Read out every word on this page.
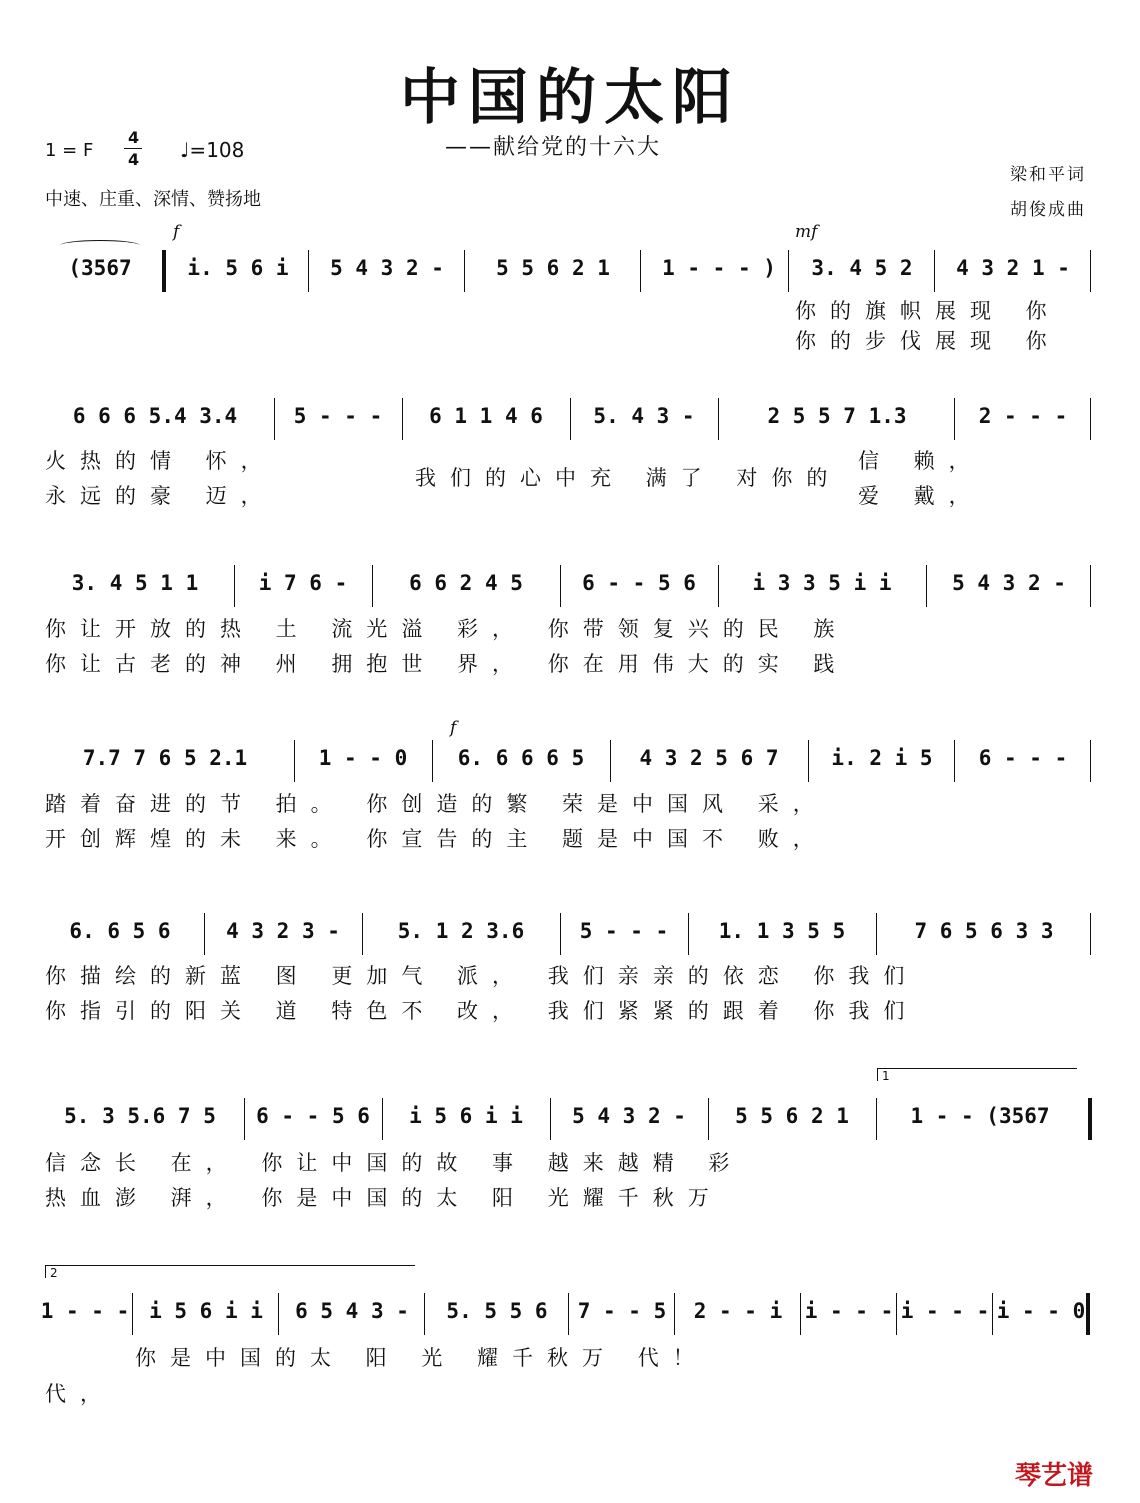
中国的太阳
——献给党的十六大
1 = F
4
4 ♩=108
中速、庄重、深情、赞扬地
梁和平词
胡俊成曲
f	mf
(3567	i. 5 6 i	5 4 3 2 -	5 5 6 2 1	1 - - - )	3. 4 5 2	4 3 2 1 -
你的旗帜展现 你
你的步伐展现 你
6 6 6 5.4 3.4	5 - - -	6 1 1 4 6	5. 4 3 -	2 5 5 7 1.3	2 - - -
火热的情 怀，
永远的豪 迈，
我们的心中充 满了 对你的
信 赖，
爱 戴，
3. 4 5 1 1	i 7 6 -	6 6 2 4 5	6 - - 5 6	i 3 3 5 i i	5 4 3 2 -
你让开放的热 土 流光溢 彩， 你带领复兴的民 族
你让古老的神 州 拥抱世 界， 你在用伟大的实 践
f
7.7 7 6 5 2.1	1 - - 0	6. 6 6 6 5	4 3 2 5 6 7	i. 2 i 5	6 - - -
踏着奋进的节 拍。 你创造的繁 荣是中国风 采，
开创辉煌的未 来。 你宣告的主 题是中国不 败，
6. 6 5 6	4 3 2 3 -	5. 1 2 3.6	5 - - -	1. 1 3 5 5	7 6 5 6 3 3
你描绘的新蓝 图 更加气 派， 我们亲亲的依恋 你我们
你指引的阳关 道 特色不 改， 我们紧紧的跟着 你我们
1
5. 3 5.6 7 5	6 - - 5 6	i 5 6 i i	5 4 3 2 -	5 5 6 2 1	1 - - (3567
信念长 在， 你让中国的故 事 越来越精 彩
热血澎 湃， 你是中国的太 阳 光耀千秋万
2
1 - - - i 5 6 i i	6 5 4 3 -	5. 5 5 6	7 - - 5	2 - - i	i - - - i - - - i - - 0
你是中国的太 阳 光 耀千秋万 代！
代，
琴艺谱
